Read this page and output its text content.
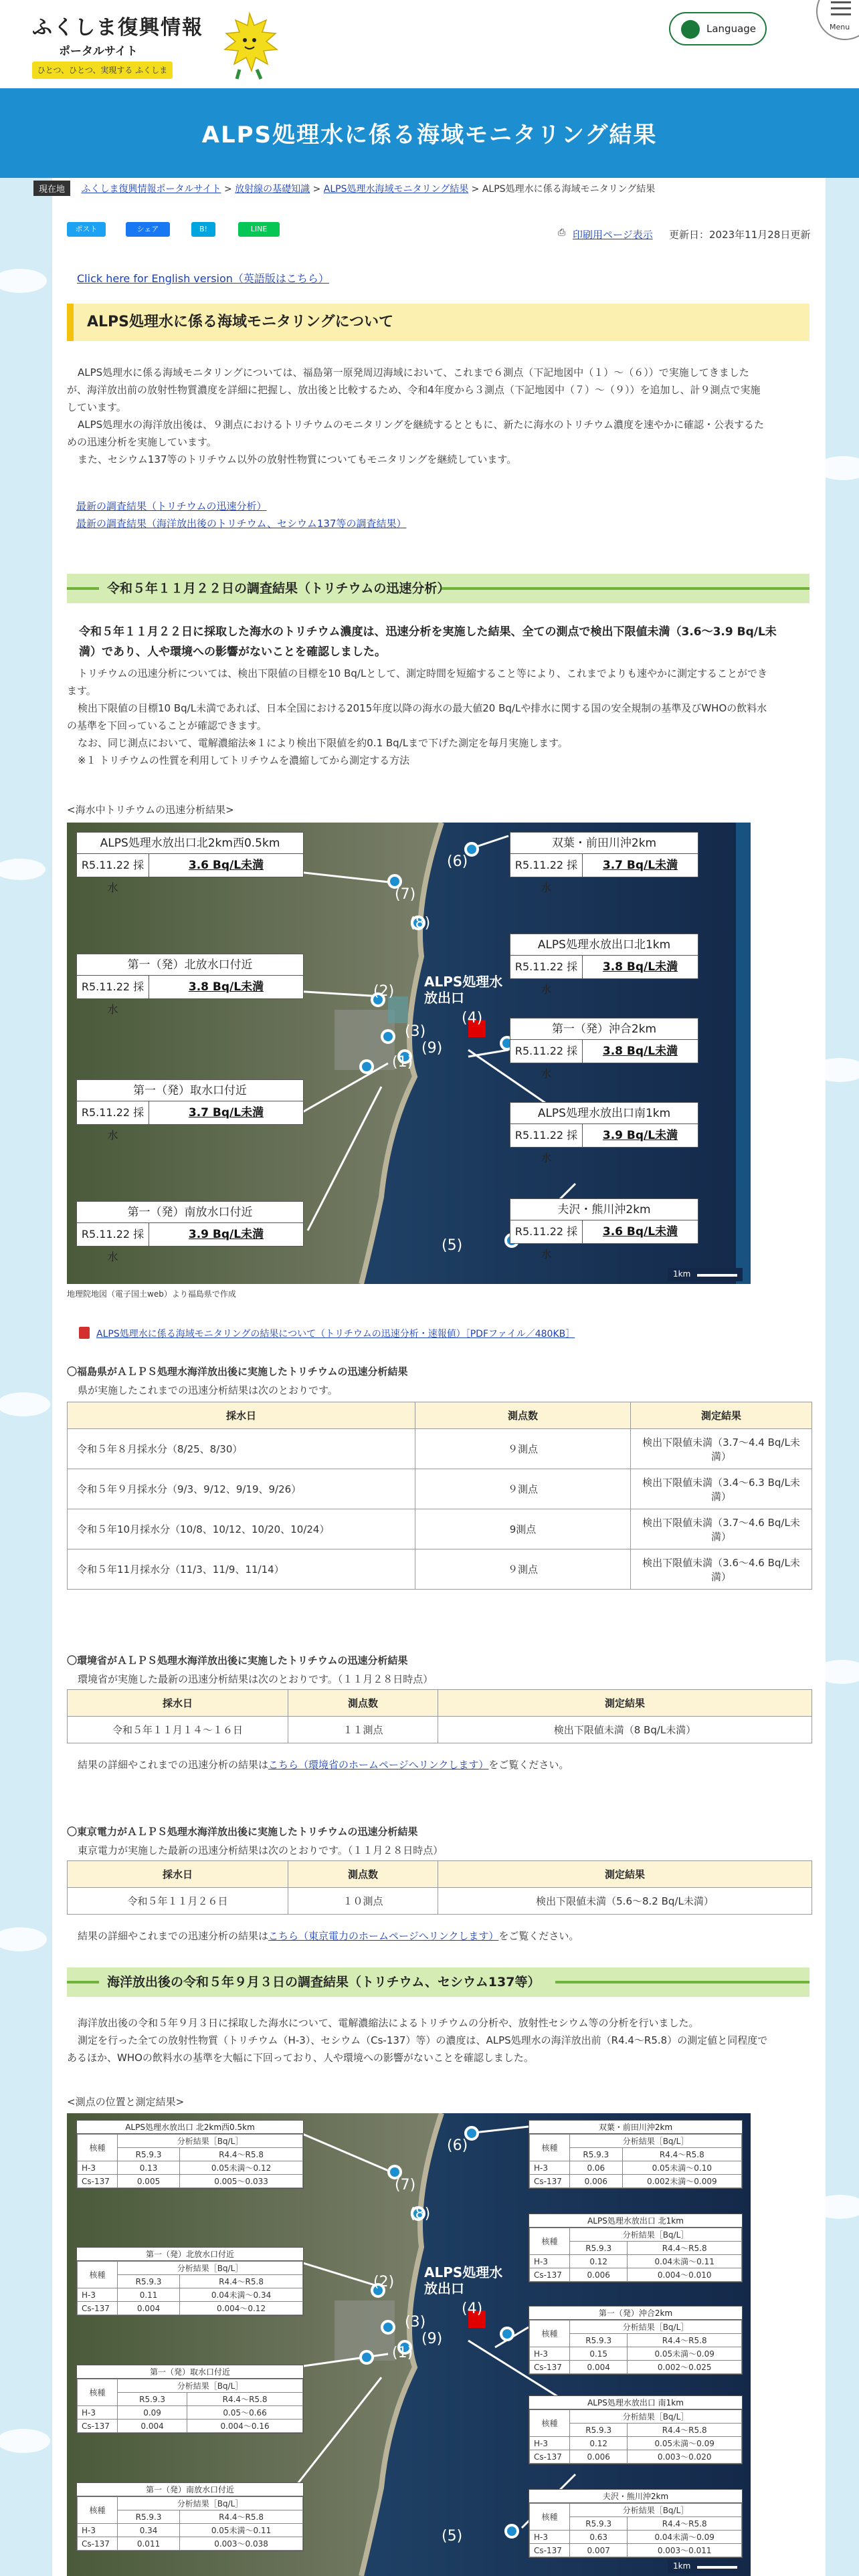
ふくしま復興情報
ポータルサイト
ひとつ、ひとつ、実現する ふくしま
Language	Menu
ALPS処理水に係る海域モニタリング結果
現在地 ふくしま復興情報ポータルサイト > 放射線の基礎知識 > ALPS処理水海域モニタリング結果 > ALPS処理水に係る海域モニタリング結果
ポスト	シェア	B!	LINE	⎙ 印刷用ページ表示 更新日：2023年11月28日更新
Click here for English version（英語版はこちら）
ALPS処理水に係る海域モニタリングについて
ALPS処理水に係る海域モニタリングについては、福島第一原発周辺海域において、これまで６測点（下記地図中（１）～（６））で実施してきました
が、海洋放出前の放射性物質濃度を詳細に把握し、放出後と比較するため、令和4年度から３測点（下記地図中（７）～（９））を追加し、計９測点で実施
しています。
ALPS処理水の海洋放出後は、９測点におけるトリチウムのモニタリングを継続するとともに、新たに海水のトリチウム濃度を速やかに確認・公表するた
めの迅速分析を実施しています。
また、セシウム137等のトリチウム以外の放射性物質についてもモニタリングを継続しています。
最新の調査結果（トリチウムの迅速分析）
最新の調査結果（海洋放出後のトリチウム、セシウム137等の調査結果）
令和５年１１月２２日の調査結果（トリチウムの迅速分析）
令和５年１１月２２日に採取した海水のトリチウム濃度は、迅速分析を実施した結果、全ての測点で検出下限値未満（3.6～3.9 Bq/L未
満）であり、人や環境への影響がないことを確認しました。
トリチウムの迅速分析については、検出下限値の目標を10 Bq/Lとして、測定時間を短縮すること等により、これまでよりも速やかに測定することができ
ます。
検出下限値の目標10 Bq/L未満であれば、日本全国における2015年度以降の海水の最大値20 Bq/Lや排水に関する国の安全規制の基準及びWHOの飲料水
の基準を下回っていることが確認できます。
なお、同じ測点において、電解濃縮法※１により検出下限値を約0.1 Bq/Lまで下げた測定を毎月実施します。
※１ トリチウムの性質を利用してトリチウムを濃縮してから測定する方法
<海水中トリチウムの迅速分析結果>
(1)
(2)
(3)
(4)
(5)
(6)
(7)
(8)
(9)
ALPS処理水放出口
1km
ALPS処理水放出口北2km西0.5km
R5.11.22 採水
3.6 Bq/L未満
第一（発）北放水口付近
R5.11.22 採水
3.8 Bq/L未満
第一（発）取水口付近
R5.11.22 採水
3.7 Bq/L未満
第一（発）南放水口付近
R5.11.22 採水
3.9 Bq/L未満
双葉・前田川沖2km
R5.11.22 採水
3.7 Bq/L未満
ALPS処理水放出口北1km
R5.11.22 採水
3.8 Bq/L未満
第一（発）沖合2km
R5.11.22 採水
3.8 Bq/L未満
ALPS処理水放出口南1km
R5.11.22 採水
3.9 Bq/L未満
夫沢・熊川沖2km
R5.11.22 採水
3.6 Bq/L未満
地理院地図（電子国土web）より福島県で作成
ALPS処理水に係る海域モニタリングの結果について（トリチウムの迅速分析・速報値）［PDFファイル／480KB］
〇福島県がＡＬＰＳ処理水海洋放出後に実施したトリチウムの迅速分析結果
県が実施したこれまでの迅速分析結果は次のとおりです。
採水日	測点数	測定結果
令和５年８月採水分（8/25、8/30）	９測点	検出下限値未満（3.7～4.4 Bq/L未満）
令和５年９月採水分（9/3、9/12、9/19、9/26）	９測点	検出下限値未満（3.4～6.3 Bq/L未満）
令和５年10月採水分（10/8、10/12、10/20、10/24）	9測点	検出下限値未満（3.7～4.6 Bq/L未満）
令和５年11月採水分（11/3、11/9、11/14）	９測点	検出下限値未満（3.6～4.6 Bq/L未満）
〇環境省がＡＬＰＳ処理水海洋放出後に実施したトリチウムの迅速分析結果
環境省が実施した最新の迅速分析結果は次のとおりです。（１１月２８日時点）
採水日	測点数	測定結果
令和５年１１月１４～１６日	１１測点	検出下限値未満（8 Bq/L未満）
結果の詳細やこれまでの迅速分析の結果はこちら（環境省のホームページへリンクします）をご覧ください。
〇東京電力がＡＬＰＳ処理水海洋放出後に実施したトリチウムの迅速分析結果
東京電力が実施した最新の迅速分析結果は次のとおりです。（１１月２８日時点）
採水日	測点数	測定結果
令和５年１１月２６日	１０測点	検出下限値未満（5.6～8.2 Bq/L未満）
結果の詳細やこれまでの迅速分析の結果はこちら（東京電力のホームページへリンクします）をご覧ください。
海洋放出後の令和５年９月３日の調査結果（トリチウム、セシウム137等）
海洋放出後の令和５年９月３日に採取した海水について、電解濃縮法によるトリチウムの分析や、放射性セシウム等の分析を行いました。
測定を行った全ての放射性物質（トリチウム（H-3）、セシウム（Cs-137）等）の濃度は、ALPS処理水の海洋放出前（R4.4～R5.8）の測定値と同程度で
あるほか、WHOの飲料水の基準を大幅に下回っており、人や環境への影響がないことを確認しました。
<測点の位置と測定結果>
(1)
(2)
(3)
(4)
(5)
(6)
(7)
(8)
(9)
ALPS処理水放出口
1km
ALPS処理水放出口 北2km西0.5km
核種	分析結果［Bq/L］	
	R5.9.3	R4.4～R5.8
H-3	0.13	0.05未満～0.12
Cs-137	0.005	0.005～0.033
第一（発）北放水口付近
核種	分析結果［Bq/L］	
	R5.9.3	R4.4～R5.8
H-3	0.11	0.04未満～0.34
Cs-137	0.004	0.004～0.12
第一（発）取水口付近
核種	分析結果［Bq/L］	
	R5.9.3	R4.4～R5.8
H-3	0.09	0.05～0.66
Cs-137	0.004	0.004～0.16
第一（発）南放水口付近
核種	分析結果［Bq/L］	
	R5.9.3	R4.4～R5.8
H-3	0.34	0.05未満～0.11
Cs-137	0.011	0.003～0.038
双葉・前田川沖2km
核種	分析結果［Bq/L］	
	R5.9.3	R4.4～R5.8
H-3	0.06	0.05未満～0.10
Cs-137	0.006	0.002未満～0.009
ALPS処理水放出口 北1km
核種	分析結果［Bq/L］	
	R5.9.3	R4.4～R5.8
H-3	0.12	0.04未満～0.11
Cs-137	0.006	0.004～0.010
第一（発）沖合2km
核種	分析結果［Bq/L］	
	R5.9.3	R4.4～R5.8
H-3	0.15	0.05未満～0.09
Cs-137	0.004	0.002～0.025
ALPS処理水放出口 南1km
核種	分析結果［Bq/L］	
	R5.9.3	R4.4～R5.8
H-3	0.12	0.05未満～0.09
Cs-137	0.006	0.003～0.020
夫沢・熊川沖2km
核種	分析結果［Bq/L］	
	R5.9.3	R4.4～R5.8
H-3	0.63	0.04未満～0.09
Cs-137	0.007	0.003～0.011
